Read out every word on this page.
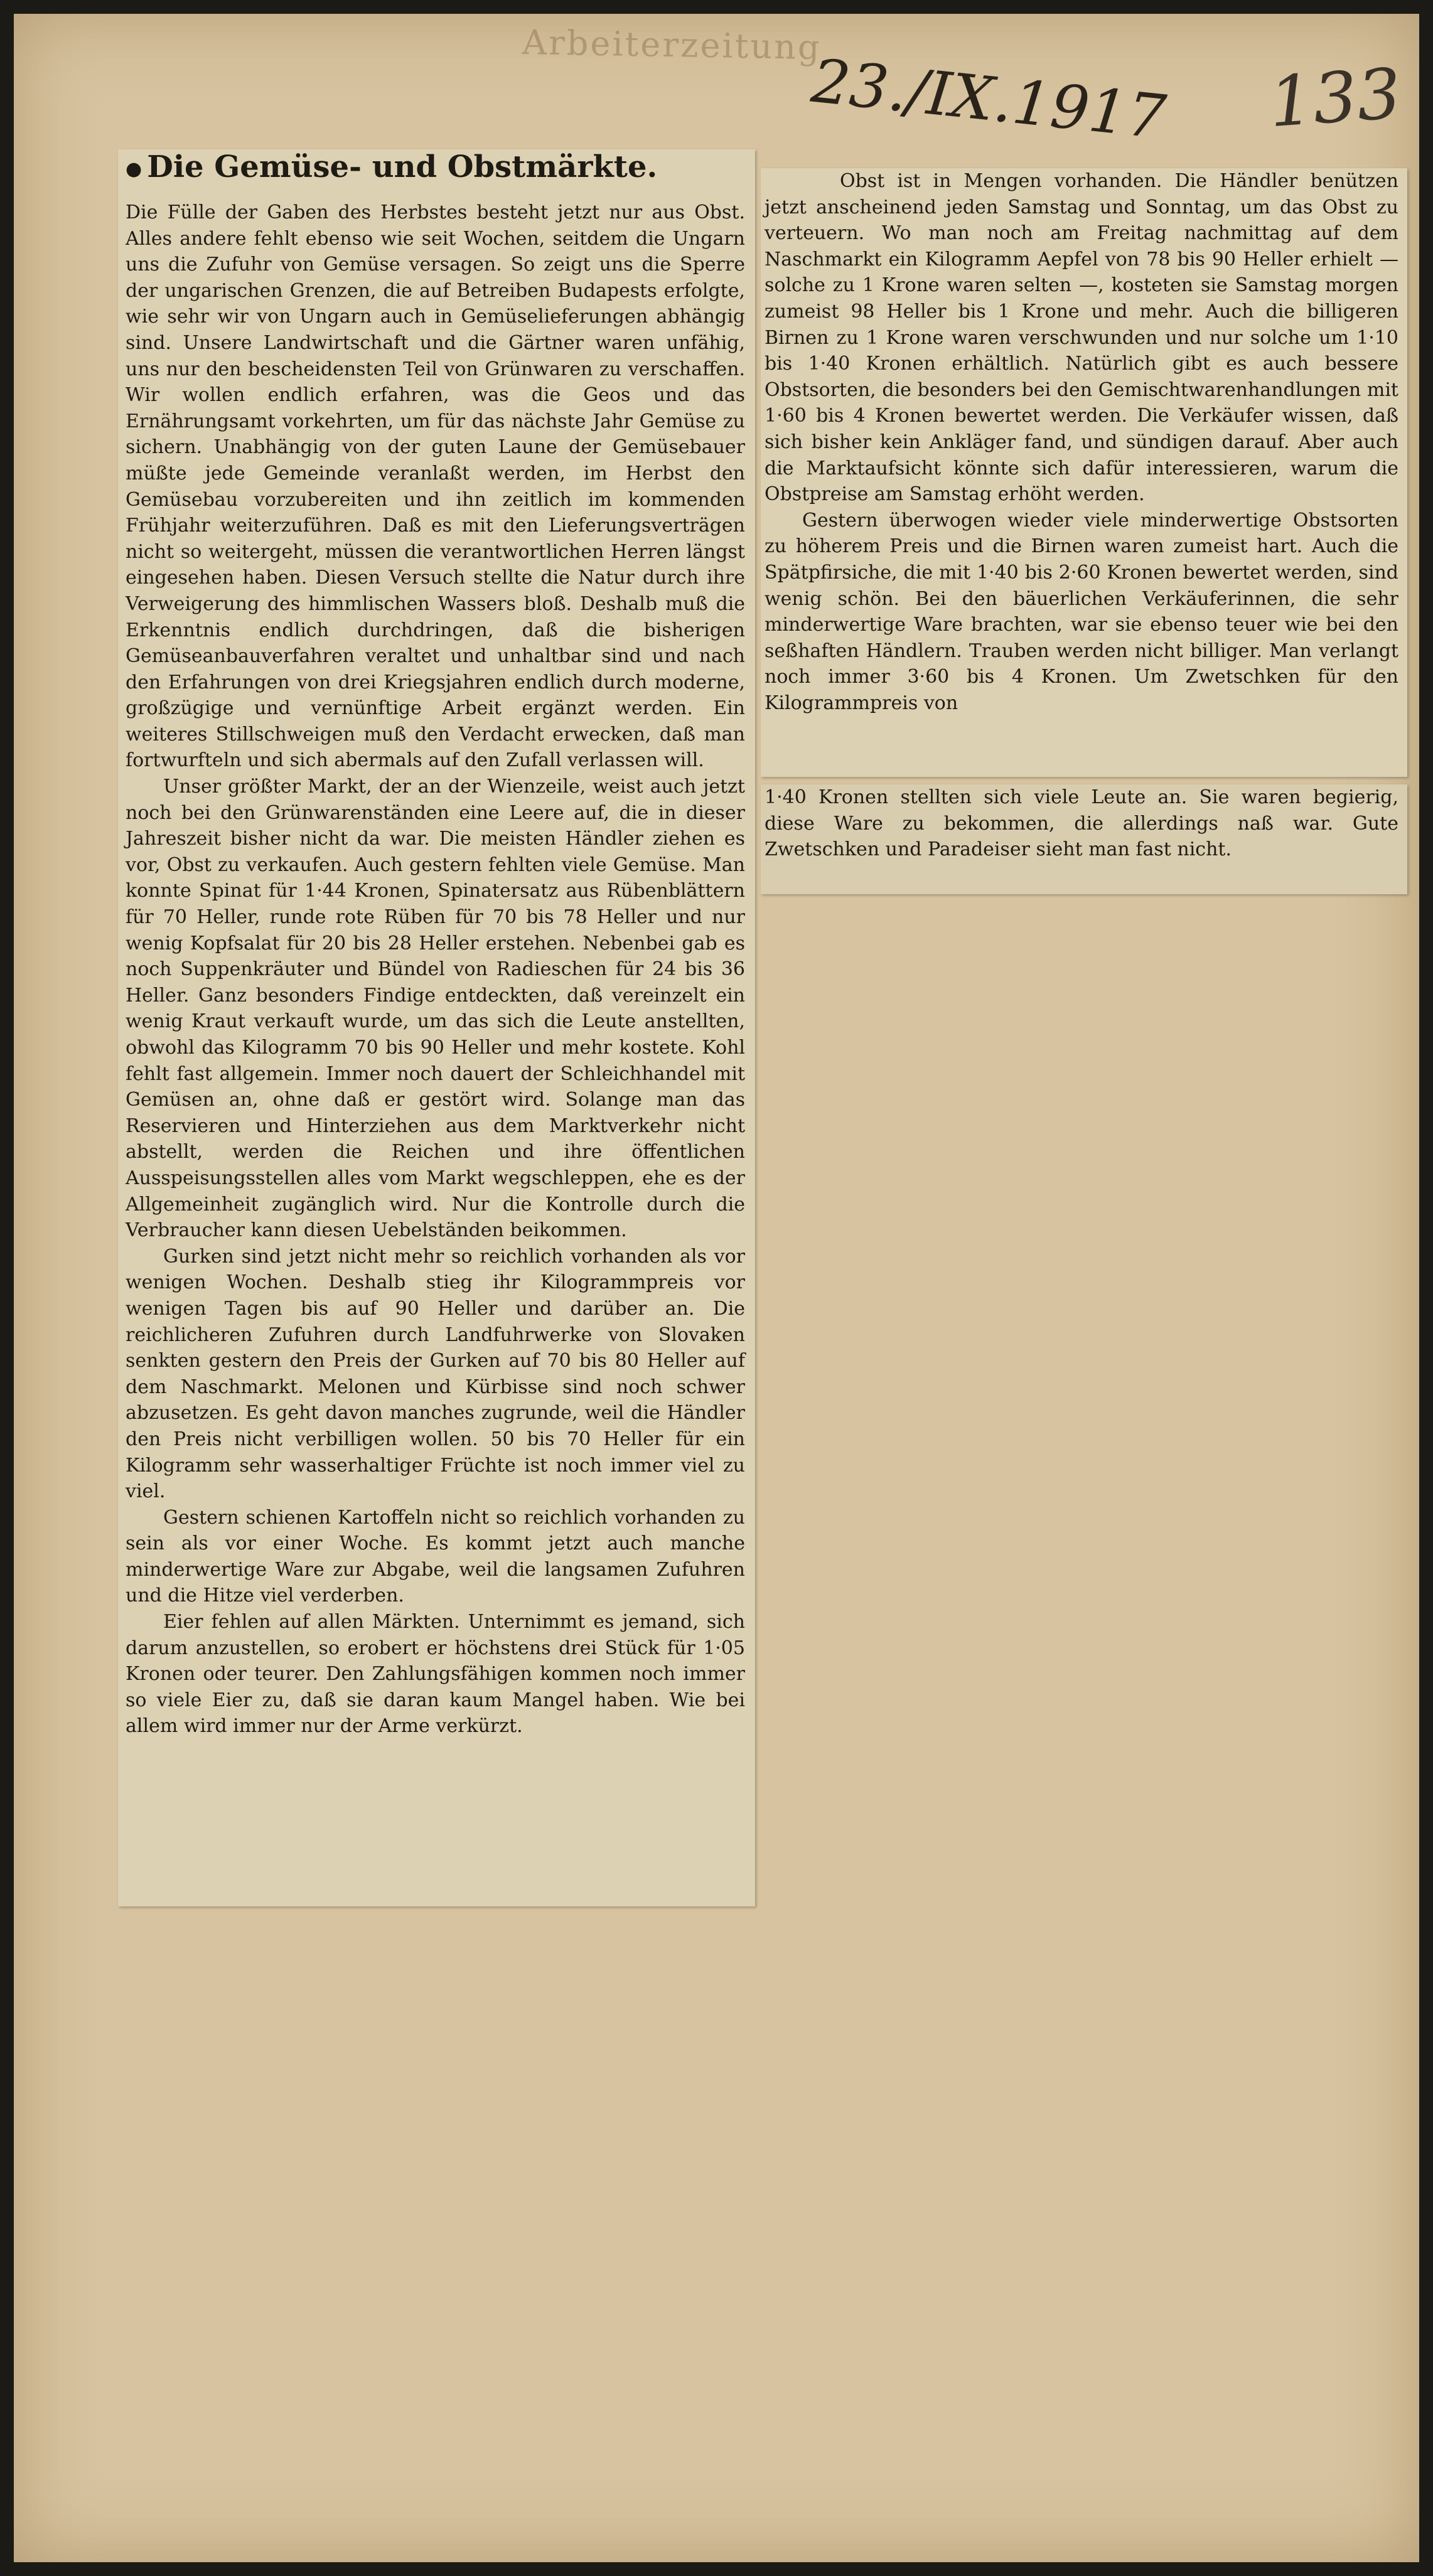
Arbeiterzeitung
23./IX.1917 133
● Die Gemüse- und Obstmärkte.

Die Fülle der Gaben des Herbstes besteht jetzt nur aus Obst. Alles andere fehlt ebenso wie seit Wochen, seitdem die Ungarn uns die Zufuhr von Gemüse versagen. So zeigt uns die Sperre der ungarischen Grenzen, die auf Betreiben Budapests erfolgte, wie sehr wir von Ungarn auch in Gemüselieferungen abhängig sind. Unsere Landwirtschaft und die Gärtner waren unfähig, uns nur den bescheidensten Teil von Grünwaren zu verschaffen. Wir wollen endlich erfahren, was die Geos und das Ernährungsamt vorkehrten, um für das nächste Jahr Gemüse zu sichern. Unabhängig von der guten Laune der Gemüsebauer müßte jede Gemeinde veranlaßt werden, im Herbst den Gemüsebau vorzubereiten und ihn zeitlich im kommenden Frühjahr weiterzuführen. Daß es mit den Lieferungsverträgen nicht so weitergeht, müssen die verantwortlichen Herren längst eingesehen haben. Diesen Versuch stellte die Natur durch ihre Verweigerung des himmlischen Wassers bloß. Deshalb muß die Erkenntnis endlich durchdringen, daß die bisherigen Gemüseanbauverfahren veraltet und unhaltbar sind und nach den Erfahrungen von drei Kriegsjahren endlich durch moderne, großzügige und vernünftige Arbeit ergänzt werden. Ein weiteres Stillschweigen muß den Verdacht erwecken, daß man fortwurfteln und sich abermals auf den Zufall verlassen will.

Unser größter Markt, der an der Wienzeile, weist auch jetzt noch bei den Grünwarenständen eine Leere auf, die in dieser Jahreszeit bisher nicht da war. Die meisten Händler ziehen es vor, Obst zu verkaufen. Auch gestern fehlten viele Gemüse. Man konnte Spinat für 1·44 Kronen, Spinatersatz aus Rübenblättern für 70 Heller, runde rote Rüben für 70 bis 78 Heller und nur wenig Kopfsalat für 20 bis 28 Heller erstehen. Nebenbei gab es noch Suppenkräuter und Bündel von Radieschen für 24 bis 36 Heller. Ganz besonders Findige entdeckten, daß vereinzelt ein wenig Kraut verkauft wurde, um das sich die Leute anstellten, obwohl das Kilogramm 70 bis 90 Heller und mehr kostete. Kohl fehlt fast allgemein. Immer noch dauert der Schleichhandel mit Gemüsen an, ohne daß er gestört wird. Solange man das Reservieren und Hinterziehen aus dem Marktverkehr nicht abstellt, werden die Reichen und ihre öffentlichen Ausspeisungsstellen alles vom Markt wegschleppen, ehe es der Allgemeinheit zugänglich wird. Nur die Kontrolle durch die Verbraucher kann diesen Uebelständen beikommen.

Gurken sind jetzt nicht mehr so reichlich vorhanden als vor wenigen Wochen. Deshalb stieg ihr Kilogrammpreis vor wenigen Tagen bis auf 90 Heller und darüber an. Die reichlicheren Zufuhren durch Landfuhrwerke von Slovaken senkten gestern den Preis der Gurken auf 70 bis 80 Heller auf dem Naschmarkt. Melonen und Kürbisse sind noch schwer abzusetzen. Es geht davon manches zugrunde, weil die Händler den Preis nicht verbilligen wollen. 50 bis 70 Heller für ein Kilogramm sehr wasserhaltiger Früchte ist noch immer viel zu viel.

Gestern schienen Kartoffeln nicht so reichlich vorhanden zu sein als vor einer Woche. Es kommt jetzt auch manche minderwertige Ware zur Abgabe, weil die langsamen Zufuhren und die Hitze viel verderben.

Eier fehlen auf allen Märkten. Unternimmt es jemand, sich darum anzustellen, so erobert er höchstens drei Stück für 1·05 Kronen oder teurer. Den Zahlungsfähigen kommen noch immer so viele Eier zu, daß sie daran kaum Mangel haben. Wie bei allem wird immer nur der Arme verkürzt.

Obst ist in Mengen vorhanden. Die Händler benützen jetzt anscheinend jeden Samstag und Sonntag, um das Obst zu verteuern. Wo man noch am Freitag nachmittag auf dem Naschmarkt ein Kilogramm Aepfel von 78 bis 90 Heller erhielt — solche zu 1 Krone waren selten —, kosteten sie Samstag morgen zumeist 98 Heller bis 1 Krone und mehr. Auch die billigeren Birnen zu 1 Krone waren verschwunden und nur solche um 1·10 bis 1·40 Kronen erhältlich. Natürlich gibt es auch bessere Obstsorten, die besonders bei den Gemischtwarenhandlungen mit 1·60 bis 4 Kronen bewertet werden. Die Verkäufer wissen, daß sich bisher kein Ankläger fand, und sündigen darauf. Aber auch die Marktaufsicht könnte sich dafür interessieren, warum die Obstpreise am Samstag erhöht werden.

Gestern überwogen wieder viele minderwertige Obstsorten zu höherem Preis und die Birnen waren zumeist hart. Auch die Spätpfirsiche, die mit 1·40 bis 2·60 Kronen bewertet werden, sind wenig schön. Bei den bäuerlichen Verkäuferinnen, die sehr minderwertige Ware brachten, war sie ebenso teuer wie bei den seßhaften Händlern. Trauben werden nicht billiger. Man verlangt noch immer 3·60 bis 4 Kronen. Um Zwetschken für den Kilogrammpreis von

1·40 Kronen stellten sich viele Leute an. Sie waren begierig, diese Ware zu bekommen, die allerdings naß war. Gute Zwetschken und Paradeiser sieht man fast nicht.
